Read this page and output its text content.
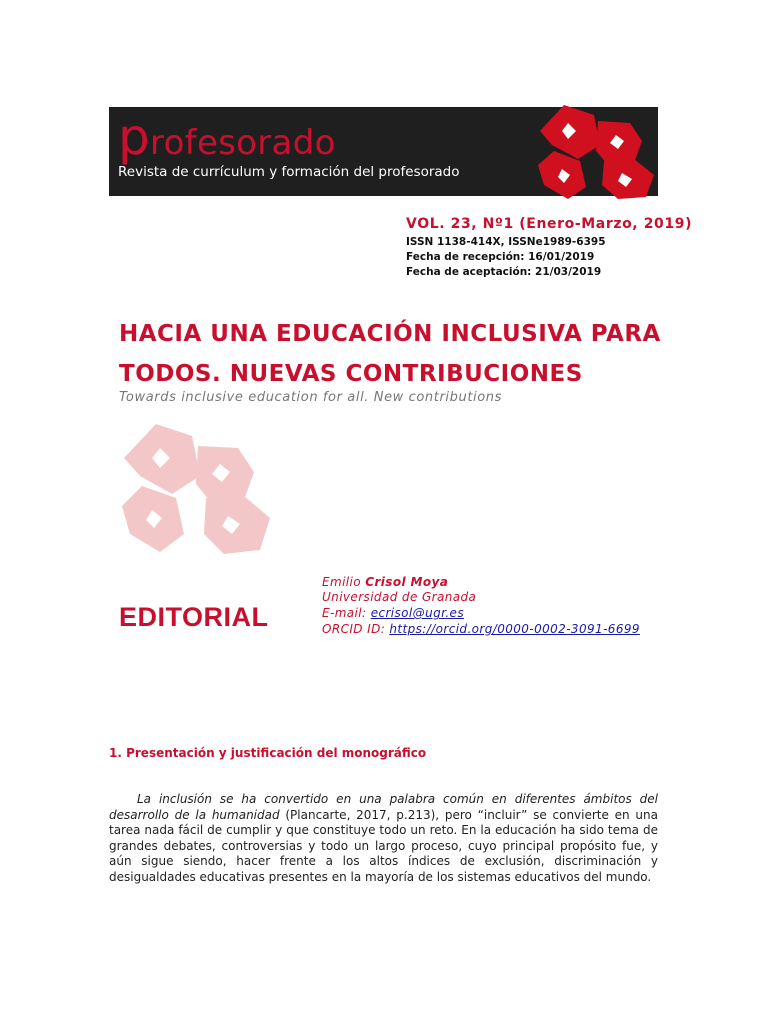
profesorado
Revista de currículum y formación del profesorado
VOL. 23, Nº1 (Enero-Marzo, 2019)
ISSN 1138-414X, ISSNe1989-6395
Fecha de recepción: 16/01/2019
Fecha de aceptación: 21/03/2019
HACIA UNA EDUCACIÓN INCLUSIVA PARA
TODOS. NUEVAS CONTRIBUCIONES
Towards inclusive education for all. New contributions
EDITORIAL
Emilio Crisol Moya
Universidad de Granada
E-mail: ecrisol@ugr.es
ORCID ID: https://orcid.org/0000-0002-3091-6699
1. Presentación y justificación del monográfico
La inclusión se ha convertido en una palabra común en diferentes ámbitos del desarrollo de la humanidad (Plancarte, 2017, p.213), pero “incluir” se convierte en una tarea nada fácil de cumplir y que constituye todo un reto. En la educación ha sido tema de grandes debates, controversias y todo un largo proceso, cuyo principal propósito fue, y aún sigue siendo, hacer frente a los altos índices de exclusión, discriminación y desigualdades educativas presentes en la mayoría de los sistemas educativos del mundo.
